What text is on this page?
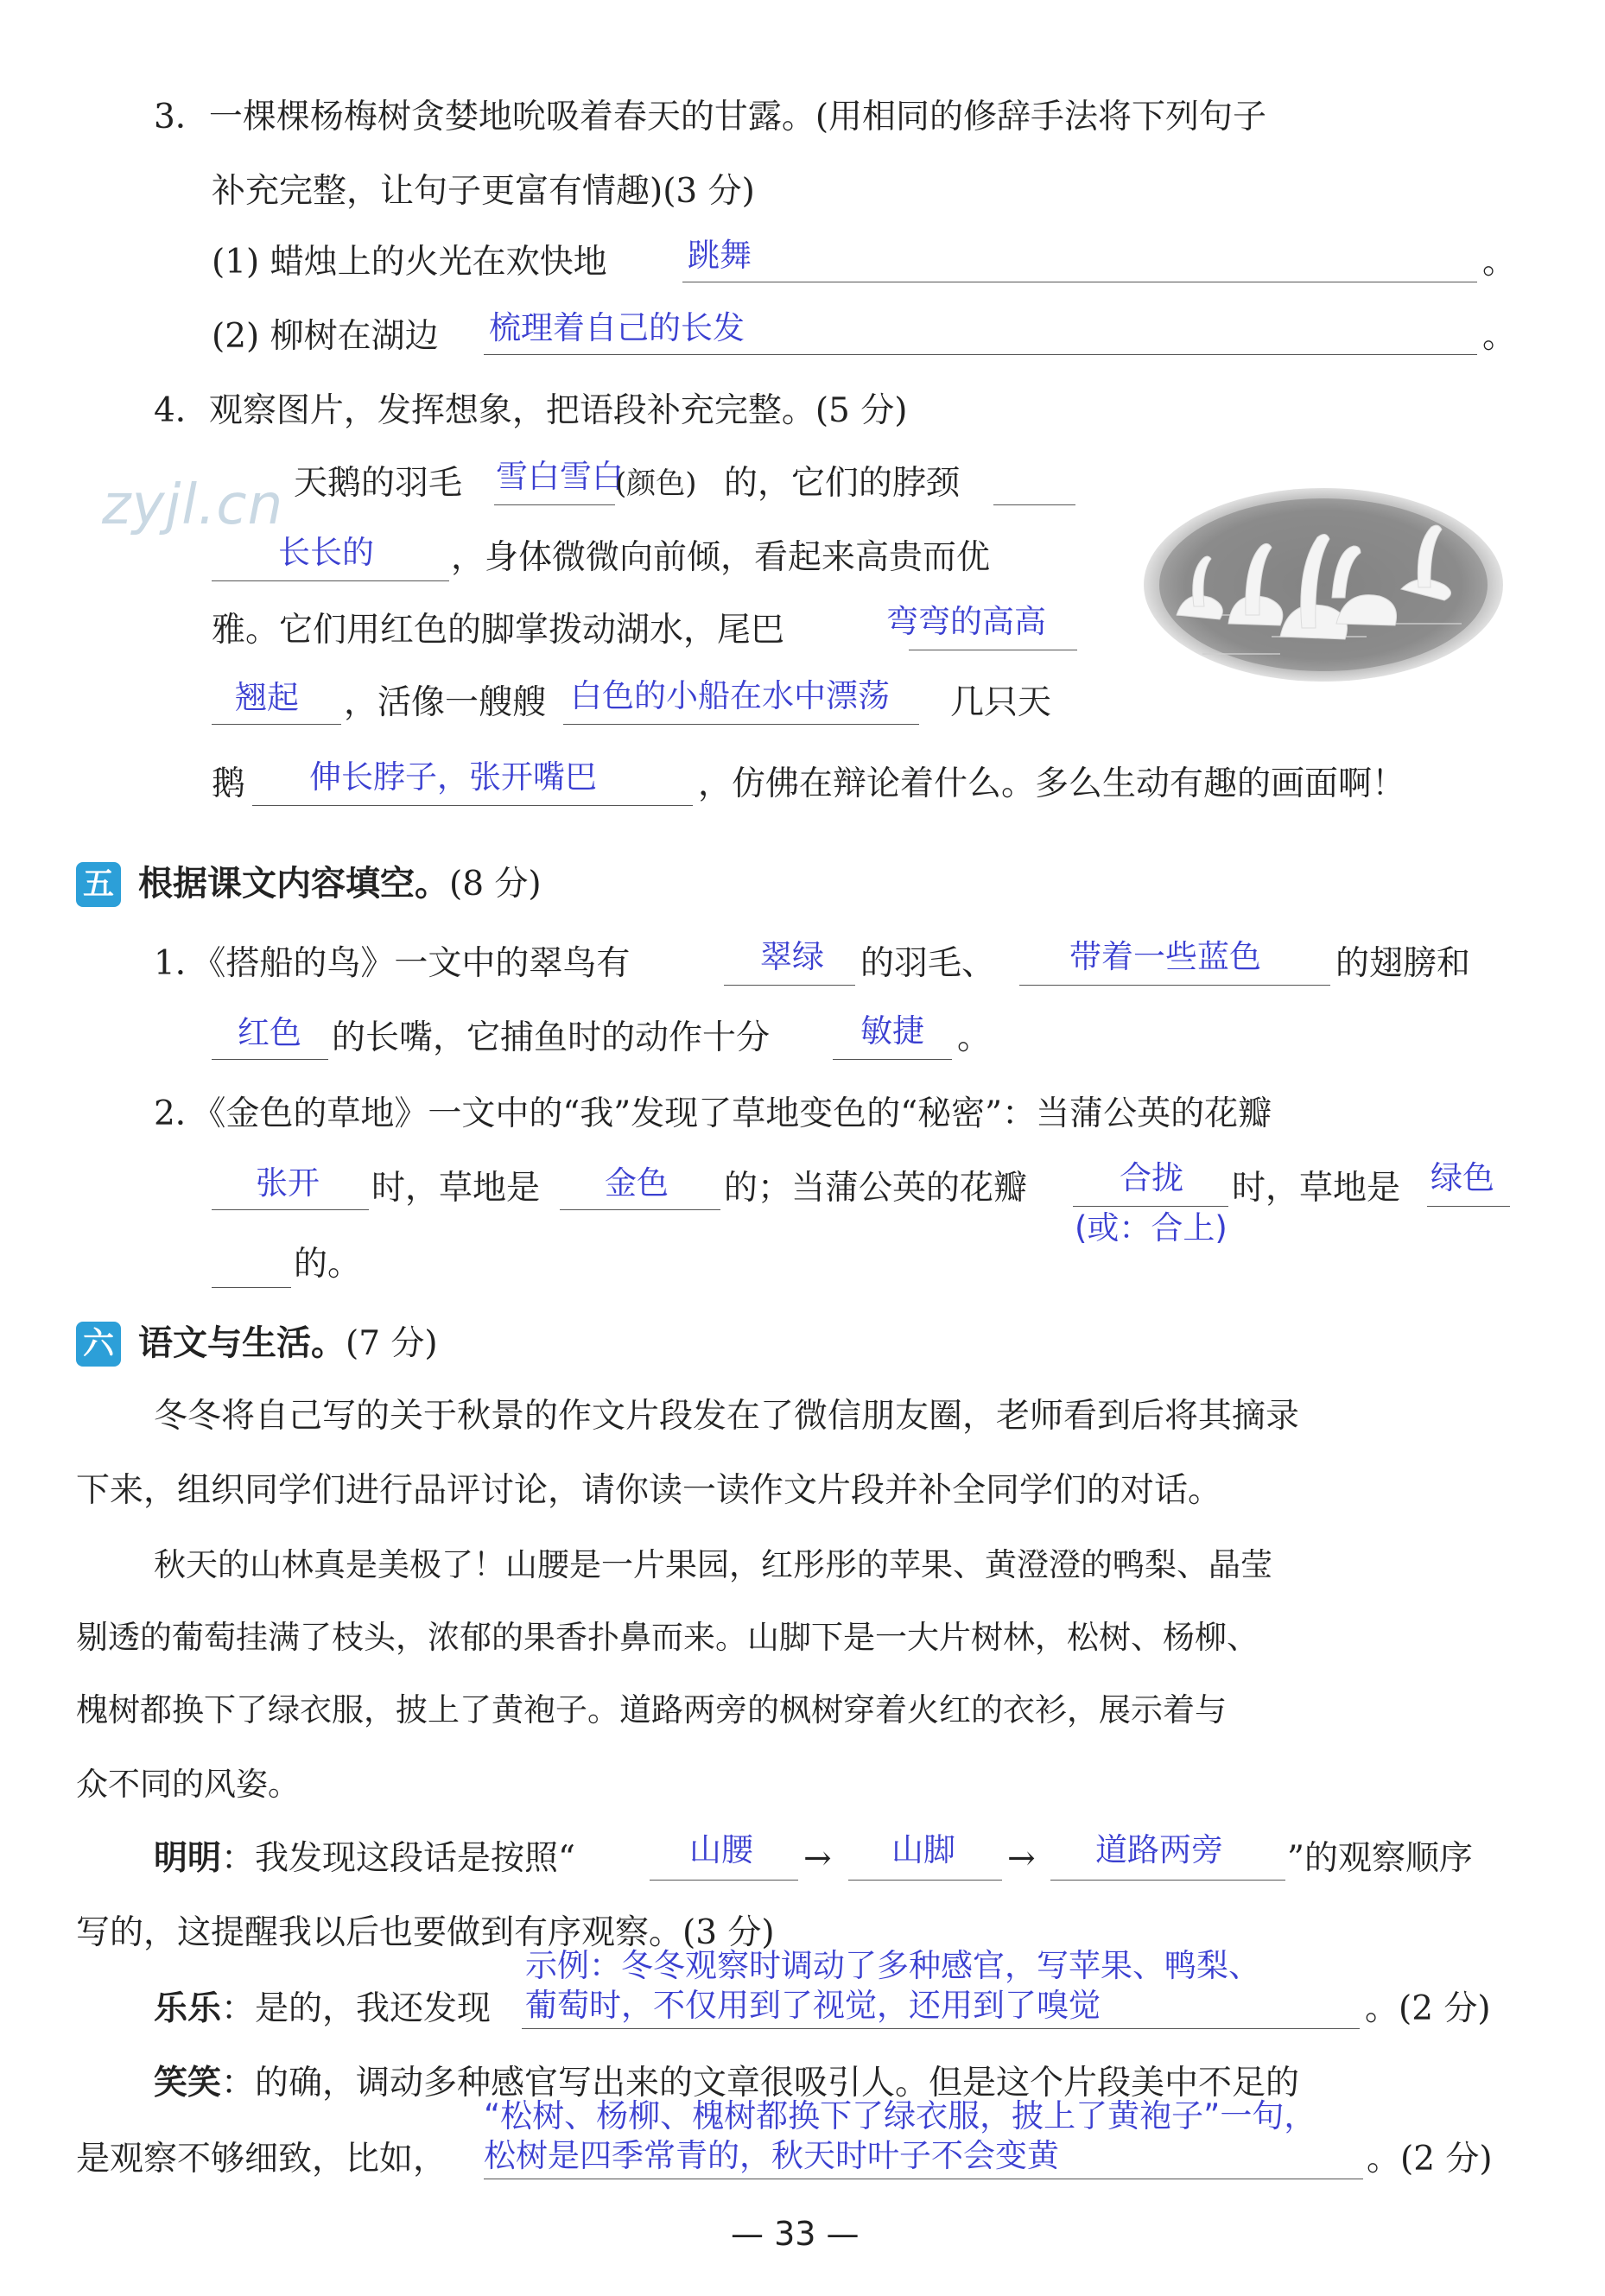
3．一棵棵杨梅树贪婪地吮吸着春天的甘露。(用相同的修辞手法将下列句子
补充完整，让句子更富有情趣)(3 分)
(1) 蜡烛上的火光在欢快地	跳舞	。
(2) 柳树在湖边 梳理着自己的长发	。
4．观察图片，发挥想象，把语段补充完整。(5 分)
zyjl.cn 天鹅的羽毛 雪白雪白
(颜色) 的，它们的脖颈
长长的 ，身体微微向前倾，看起来高贵而优
雅。它们用红色的脚掌拨动湖水，尾巴	弯弯的高高
翘起 ，活像一艘艘 白色的小船在水中漂荡 几只天
鹅 伸长脖子，张开嘴巴	，仿佛在辩论着什么。多么生动有趣的画面啊！
五 根据课文内容填空。(8 分)
1．《搭船的鸟》一文中的翠鸟有	翠绿 的羽毛、 带着一些蓝色 的翅膀和
红色 的长嘴，它捕鱼时的动作十分	敏捷 。
2．《金色的草地》一文中的“我”发现了草地变色的“秘密”：当蒲公英的花瓣
张开 时，草地是 金色 的；当蒲公英的花瓣	合拢
(或：合上)
时，草地是 绿色
的。
六 语文与生活。(7 分)
冬冬将自己写的关于秋景的作文片段发在了微信朋友圈，老师看到后将其摘录
下来，组织同学们进行品评讨论，请你读一读作文片段并补全同学们的对话。
秋天的山林真是美极了！山腰是一片果园，红彤彤的苹果、黄澄澄的鸭梨、晶莹
剔透的葡萄挂满了枝头，浓郁的果香扑鼻而来。山脚下是一大片树林，松树、杨柳、
槐树都换下了绿衣服，披上了黄袍子。道路两旁的枫树穿着火红的衣衫，展示着与
众不同的风姿。
明明：我发现这段话是按照“	山腰 → 山脚 → 道路两旁 ”的观察顺序
写的，这提醒我以后也要做到有序观察。(3 分)
示例：冬冬观察时调动了多种感官，写苹果、鸭梨、
乐乐：是的，我还发现 葡萄时，不仅用到了视觉，还用到了嗅觉	。(2 分)
笑笑：的确，调动多种感官写出来的文章很吸引人。但是这个片段美中不足的
“松树、杨柳、槐树都换下了绿衣服，披上了黄袍子”一句，
是观察不够细致，比如， 松树是四季常青的，秋天时叶子不会变黄	。(2 分)
— 33 —
